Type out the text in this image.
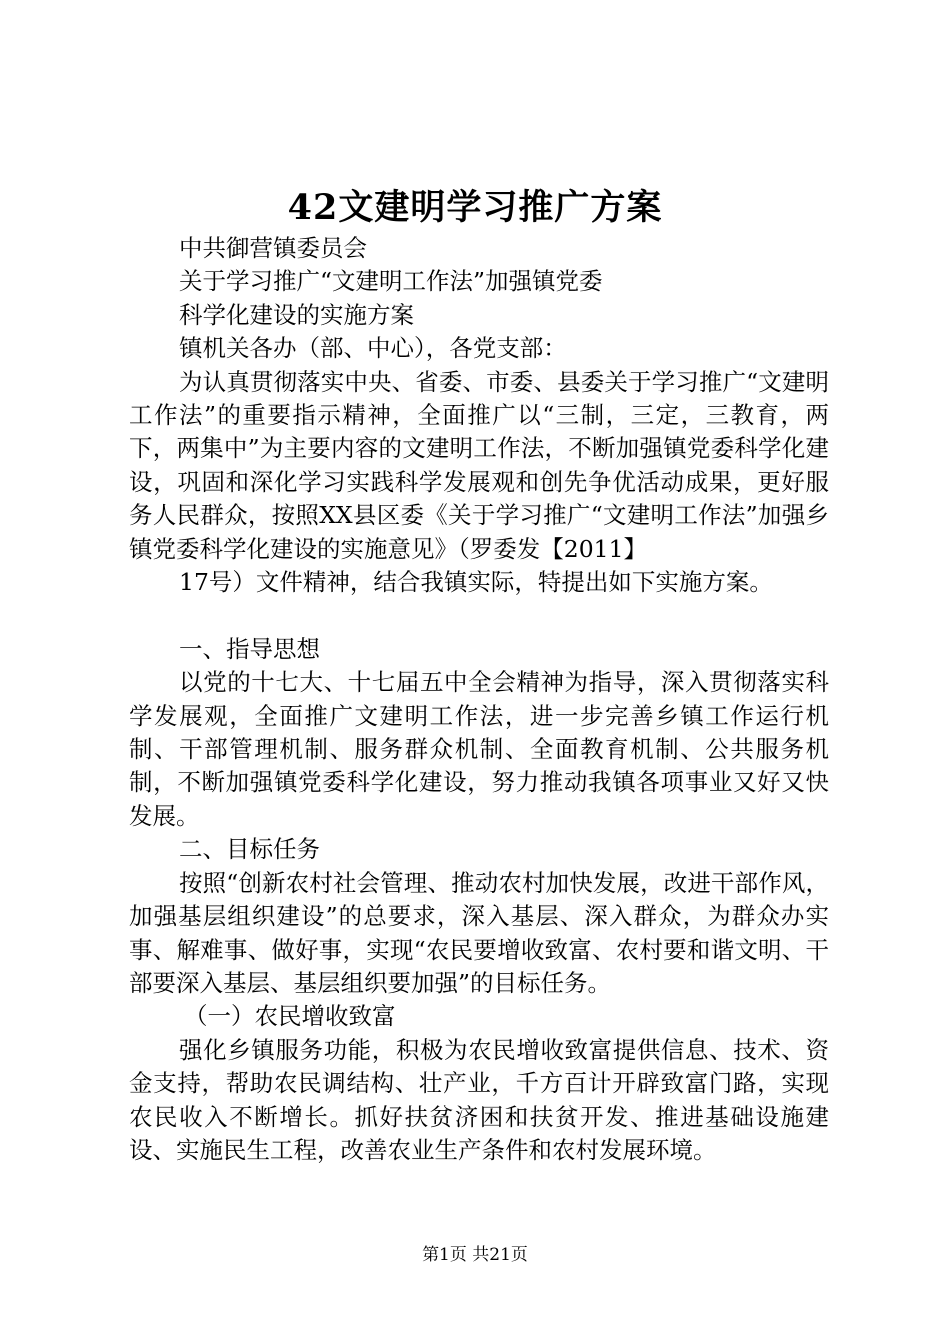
42文建明学习推广方案

中共御营镇委员会

关于学习推广“文建明工作法”加强镇党委

科学化建设的实施方案

镇机关各办（部、中心），各党支部：

为认真贯彻落实中央、省委、市委、县委关于学习推广“文建明工作法”的重要指示精神，全面推广以“三制，三定，三教育，两下，两集中”为主要内容的文建明工作法，不断加强镇党委科学化建设，巩固和深化学习实践科学发展观和创先争优活动成果，更好服务人民群众，按照XX县区委《关于学习推广“文建明工作法”加强乡镇党委科学化建设的实施意见》（罗委发【2011】

17号）文件精神，结合我镇实际，特提出如下实施方案。

一、指导思想

以党的十七大、十七届五中全会精神为指导，深入贯彻落实科学发展观，全面推广文建明工作法，进一步完善乡镇工作运行机制、干部管理机制、服务群众机制、全面教育机制、公共服务机制，不断加强镇党委科学化建设，努力推动我镇各项事业又好又快发展。

二、目标任务

按照“创新农村社会管理、推动农村加快发展，改进干部作风，加强基层组织建设”的总要求，深入基层、深入群众，为群众办实事、解难事、做好事，实现“农民要增收致富、农村要和谐文明、干部要深入基层、基层组织要加强”的目标任务。

（一）农民增收致富

强化乡镇服务功能，积极为农民增收致富提供信息、技术、资金支持，帮助农民调结构、壮产业，千方百计开辟致富门路，实现农民收入不断增长。抓好扶贫济困和扶贫开发、推进基础设施建设、实施民生工程，改善农业生产条件和农村发展环境。

第1页 共21页
